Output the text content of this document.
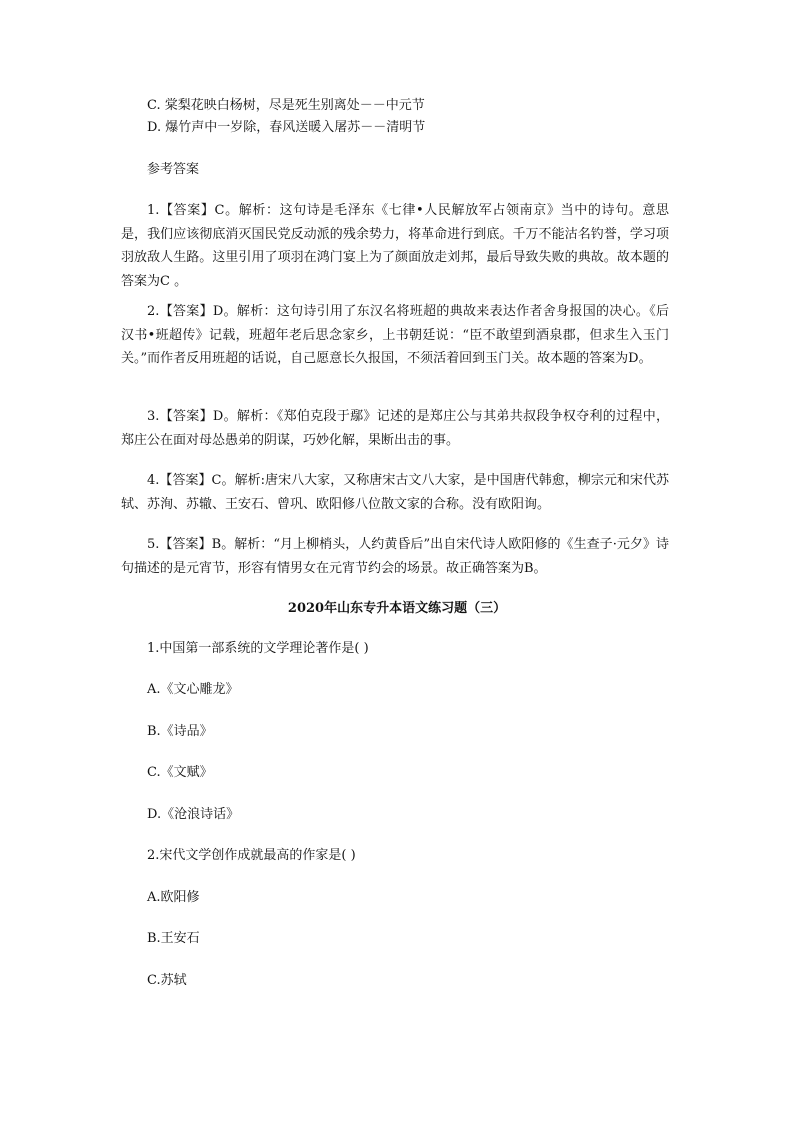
C. 棠梨花映白杨树，尽是死生别离处－－中元节
D. 爆竹声中一岁除，春风送暖入屠苏－－清明节
参考答案
1.【答案】C。解析：这句诗是毛泽东《七律•人民解放军占领南京》当中的诗句。意思是，我们应该彻底消灭国民党反动派的残余势力，将革命进行到底。千万不能沽名钓誉，学习项羽放敌人生路。这里引用了项羽在鸿门宴上为了颜面放走刘邦，最后导致失败的典故。故本题的答案为C 。
2.【答案】D。解析：这句诗引用了东汉名将班超的典故来表达作者舍身报国的决心。《后汉书•班超传》记载，班超年老后思念家乡，上书朝廷说：“臣不敢望到酒泉郡，但求生入玉门关。”而作者反用班超的话说，自己愿意长久报国，不须活着回到玉门关。故本题的答案为D。
3.【答案】D。解析：《郑伯克段于鄢》记述的是郑庄公与其弟共叔段争权夺利的过程中，郑庄公在面对母怂愚弟的阴谋，巧妙化解，果断出击的事。
4.【答案】C。解析:唐宋八大家，又称唐宋古文八大家，是中国唐代韩愈，柳宗元和宋代苏轼、苏洵、苏辙、王安石、曾巩、欧阳修八位散文家的合称。没有欧阳询。
5.【答案】B。解析：“月上柳梢头，人约黄昏后”出自宋代诗人欧阳修的《生查子·元夕》诗句描述的是元宵节，形容有情男女在元宵节约会的场景。故正确答案为B。
2020年山东专升本语文练习题（三）
1.中国第一部系统的文学理论著作是( )
A.《文心雕龙》
B.《诗品》
C.《文赋》
D.《沧浪诗话》
2.宋代文学创作成就最高的作家是( )
A.欧阳修
B.王安石
C.苏轼
